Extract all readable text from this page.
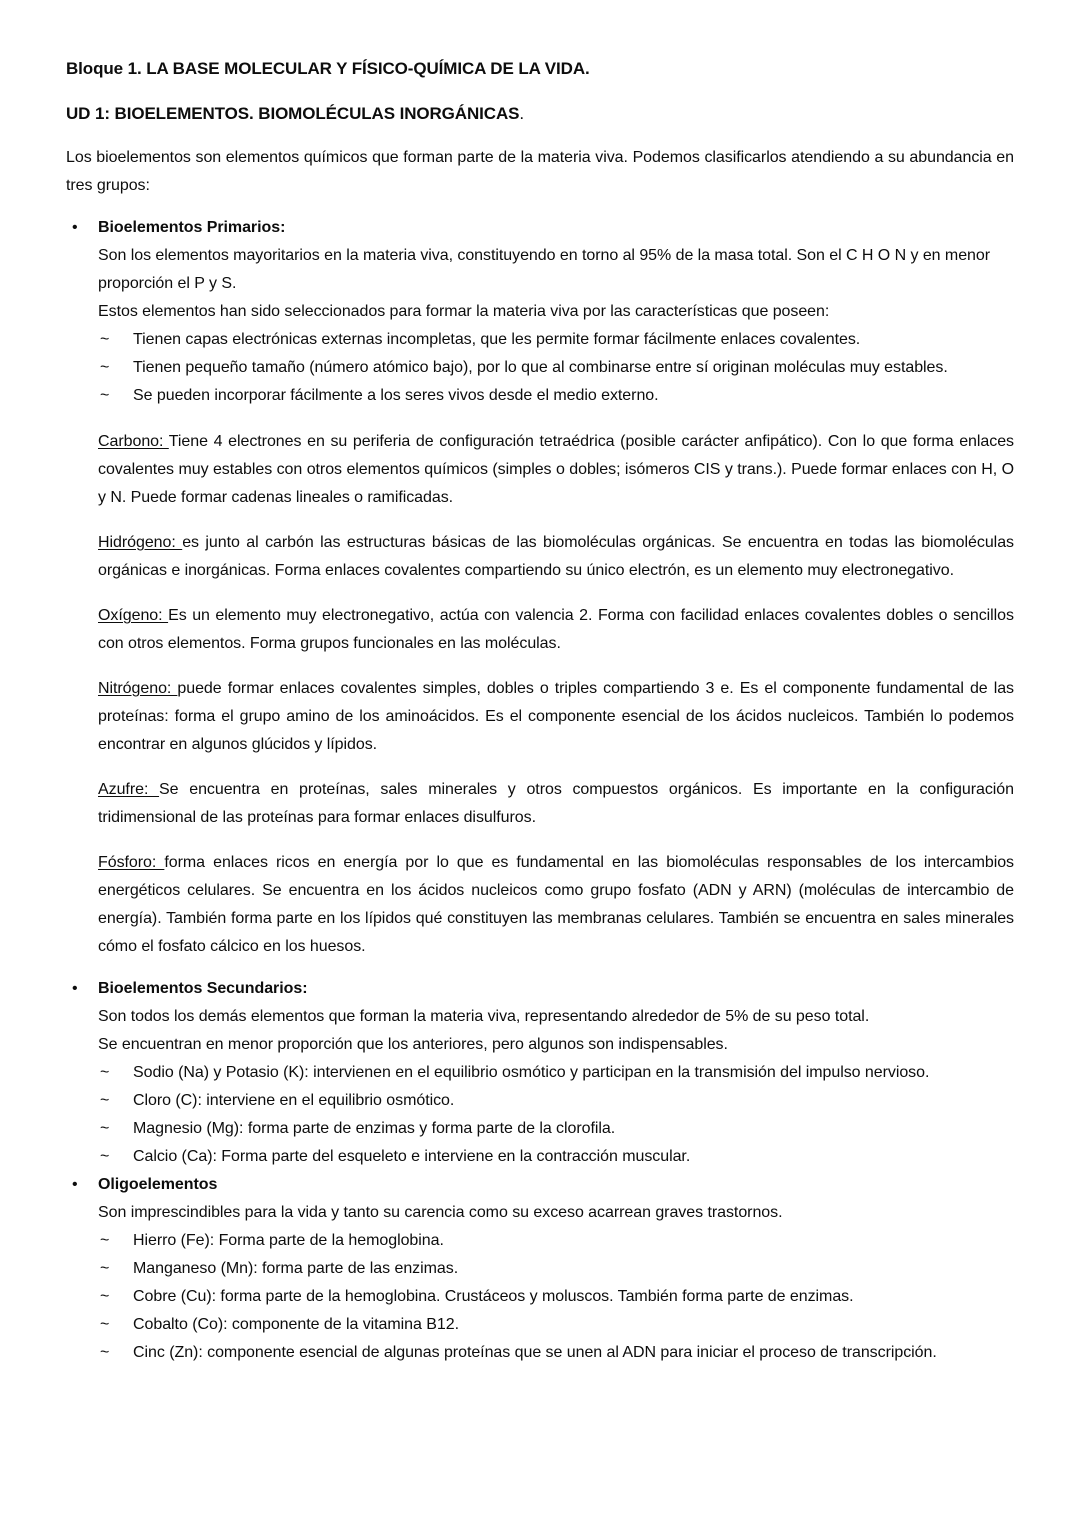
Bloque 1. LA BASE MOLECULAR Y FÍSICO-QUÍMICA DE LA VIDA.
UD 1: BIOELEMENTOS. BIOMOLÉCULAS INORGÁNICAS.

Los bioelementos son elementos químicos que forman parte de la materia viva. Podemos clasificarlos atendiendo a su abundancia en tres grupos:

•	Bioelementos Primarios:

Son los elementos mayoritarios en la materia viva, constituyendo en torno al 95% de la masa total. Son el C H O N y en menor proporción el P y S.

Estos elementos han sido seleccionados para formar la materia viva por las características que poseen:

~ Tienen capas electrónicas externas incompletas, que les permite formar fácilmente enlaces covalentes.
~ Tienen pequeño tamaño (número atómico bajo), por lo que al combinarse entre sí originan moléculas muy estables.
~ Se pueden incorporar fácilmente a los seres vivos desde el medio externo.

Carbono: Tiene 4 electrones en su periferia de configuración tetraédrica (posible carácter anfipático). Con lo que forma enlaces covalentes muy estables con otros elementos químicos (simples o dobles; isómeros CIS y trans.). Puede formar enlaces con H, O y N. Puede formar cadenas lineales o ramificadas.

Hidrógeno: es junto al carbón las estructuras básicas de las biomoléculas orgánicas. Se encuentra en todas las biomoléculas orgánicas e inorgánicas. Forma enlaces covalentes compartiendo su único electrón, es un elemento muy electronegativo.

Oxígeno: Es un elemento muy electronegativo, actúa con valencia 2. Forma con facilidad enlaces covalentes dobles o sencillos con otros elementos. Forma grupos funcionales en las moléculas.

Nitrógeno: puede formar enlaces covalentes simples, dobles o triples compartiendo 3 e. Es el componente fundamental de las proteínas: forma el grupo amino de los aminoácidos. Es el componente esencial de los ácidos nucleicos. También lo podemos encontrar en algunos glúcidos y lípidos.

Azufre: Se encuentra en proteínas, sales minerales y otros compuestos orgánicos. Es importante en la configuración tridimensional de las proteínas para formar enlaces disulfuros.

Fósforo: forma enlaces ricos en energía por lo que es fundamental en las biomoléculas responsables de los intercambios energéticos celulares. Se encuentra en los ácidos nucleicos como grupo fosfato (ADN y ARN) (moléculas de intercambio de energía). También forma parte en los lípidos qué constituyen las membranas celulares. También se encuentra en sales minerales cómo el fosfato cálcico en los huesos.

•	Bioelementos Secundarios:

Son todos los demás elementos que forman la materia viva, representando alrededor de 5% de su peso total.

Se encuentran en menor proporción que los anteriores, pero algunos son indispensables.

~ Sodio (Na) y Potasio (K): intervienen en el equilibrio osmótico y participan en la transmisión del impulso nervioso.
~ Cloro (C): interviene en el equilibrio osmótico.
~ Magnesio (Mg): forma parte de enzimas y forma parte de la clorofila.
~ Calcio (Ca): Forma parte del esqueleto e interviene en la contracción muscular.
•	Oligoelementos

Son imprescindibles para la vida y tanto su carencia como su exceso acarrean graves trastornos.

~ Hierro (Fe): Forma parte de la hemoglobina.
~ Manganeso (Mn): forma parte de las enzimas.
~ Cobre (Cu): forma parte de la hemoglobina. Crustáceos y moluscos. También forma parte de enzimas.
~ Cobalto (Co): componente de la vitamina B12.
~ Cinc (Zn): componente esencial de algunas proteínas que se unen al ADN para iniciar el proceso de transcripción.
